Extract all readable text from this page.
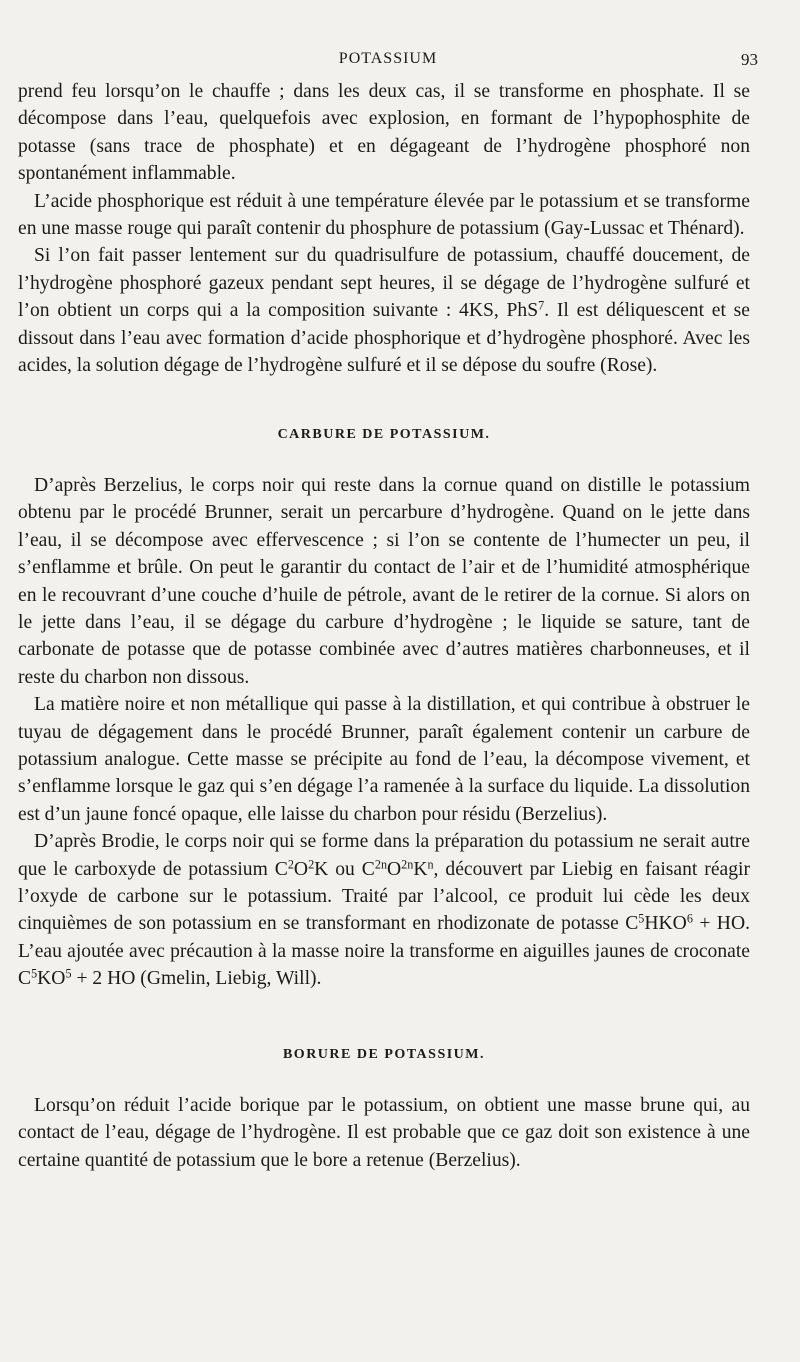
POTASSIUM	93

prend feu lorsqu’on le chauffe ; dans les deux cas, il se transforme en phosphate. Il se décompose dans l’eau, quelquefois avec explosion, en formant de l’hypophosphite de potasse (sans trace de phosphate) et en dégageant de l’hydrogène phosphoré non spontanément inflammable.

L’acide phosphorique est réduit à une température élevée par le potassium et se transforme en une masse rouge qui paraît contenir du phosphure de potassium (Gay-Lussac et Thénard).

Si l’on fait passer lentement sur du quadrisulfure de potassium, chauffé doucement, de l’hydrogène phosphoré gazeux pendant sept heures, il se dégage de l’hydrogène sulfuré et l’on obtient un corps qui a la composition suivante : 4KS, PhS$^7$. Il est déliquescent et se dissout dans l’eau avec formation d’acide phosphorique et d’hydrogène phosphoré. Avec les acides, la solution dégage de l’hydrogène sulfuré et il se dépose du soufre (Rose).

CARBURE DE POTASSIUM.

D’après Berzelius, le corps noir qui reste dans la cornue quand on distille le potassium obtenu par le procédé Brunner, serait un percarbure d’hydrogène. Quand on le jette dans l’eau, il se décompose avec effervescence ; si l’on se contente de l’humecter un peu, il s’enflamme et brûle. On peut le garantir du contact de l’air et de l’humidité atmosphérique en le recouvrant d’une couche d’huile de pétrole, avant de le retirer de la cornue. Si alors on le jette dans l’eau, il se dégage du carbure d’hydrogène ; le liquide se sature, tant de carbonate de potasse que de potasse combinée avec d’autres matières charbonneuses, et il reste du charbon non dissous.

La matière noire et non métallique qui passe à la distillation, et qui contribue à obstruer le tuyau de dégagement dans le procédé Brunner, paraît également contenir un carbure de potassium analogue. Cette masse se précipite au fond de l’eau, la décompose vivement, et s’enflamme lorsque le gaz qui s’en dégage l’a ramenée à la surface du liquide. La dissolution est d’un jaune foncé opaque, elle laisse du charbon pour résidu (Berzelius).

D’après Brodie, le corps noir qui se forme dans la préparation du potassium ne serait autre que le carboxyde de potassium $C^2O^2K$ ou $C^{2n}O^{2n}K^n$, découvert par Liebig en faisant réagir l’oxyde de carbone sur le potassium. Traité par l’alcool, ce produit lui cède les deux cinquièmes de son potassium en se transformant en rhodizonate de potasse $C^5HKO^6$ + HO. L’eau ajoutée avec précaution à la masse noire la transforme en aiguilles jaunes de croconate $C^5KO^5 + 2$ HO (Gmelin, Liebig, Will).

BORURE DE POTASSIUM.

Lorsqu’on réduit l’acide borique par le potassium, on obtient une masse brune qui, au contact de l’eau, dégage de l’hydrogène. Il est probable que ce gaz doit son existence à une certaine quantité de potassium que le bore a retenue (Berzelius).
